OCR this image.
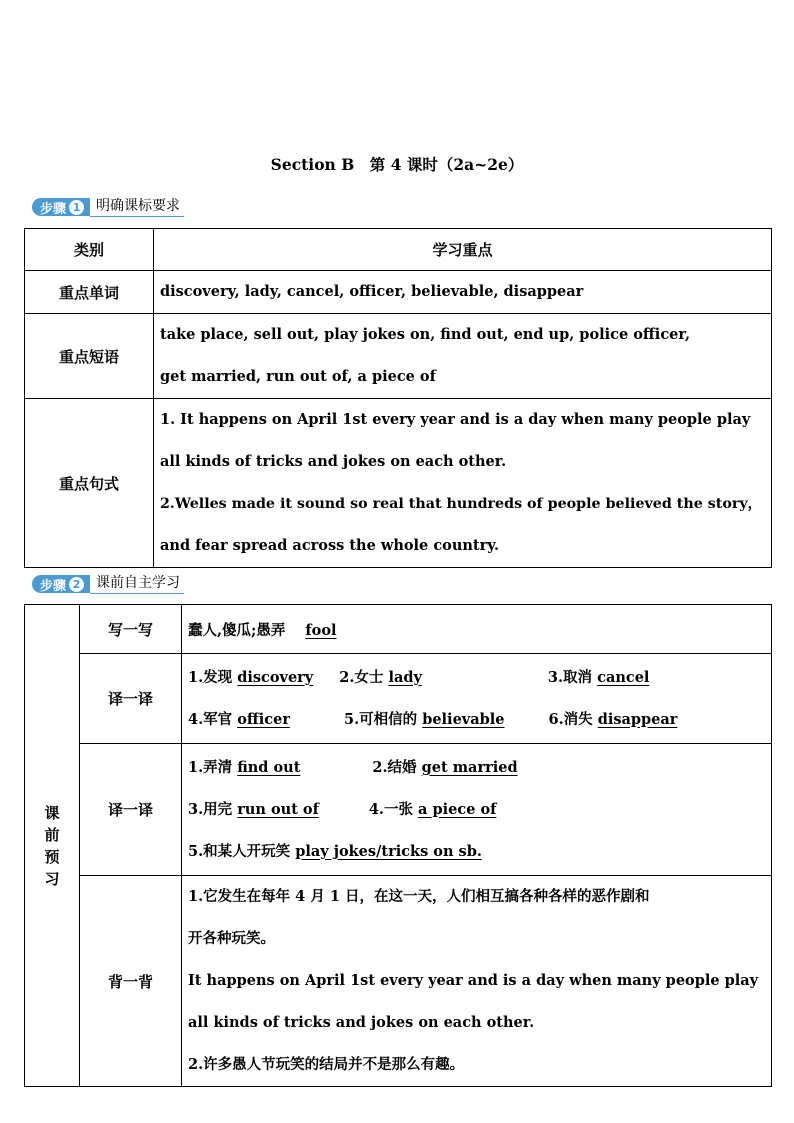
Section B　第 4 课时（2a~2e）
步骤 1	明确课标要求
类别	学习重点
重点单词	discovery, lady, cancel, officer, believable, disappear

重点短语	take place, sell out, play jokes on, find out, end up, police officer,
get married, run out of, a piece of

重点句式	1. It happens on April 1st every year and is a day when many people play
all kinds of tricks and jokes on each other.
2.Welles made it sound so real that hundreds of people believed the story，
and fear spread across the whole country.
步骤 2	课前自主学习
课
前
预
习	写一写	蠢人,傻瓜;愚弄 fool
	译一译	1.发现 discovery 2.女士 lady 3.取消 cancel
4.军官 officer 5.可相信的 believable 6.消失 disappear

	译一译	1.弄清 find out 2.结婚 get married
3.用完 run out of 4.一张 a piece of
5.和某人开玩笑 play jokes/tricks on sb.

	背一背	1.它发生在每年 4 月 1 日，在这一天，人们相互搞各种各样的恶作剧和
开各种玩笑。
It happens on April 1st every year and is a day when many people play
all kinds of tricks and jokes on each other.
2.许多愚人节玩笑的结局并不是那么有趣。
